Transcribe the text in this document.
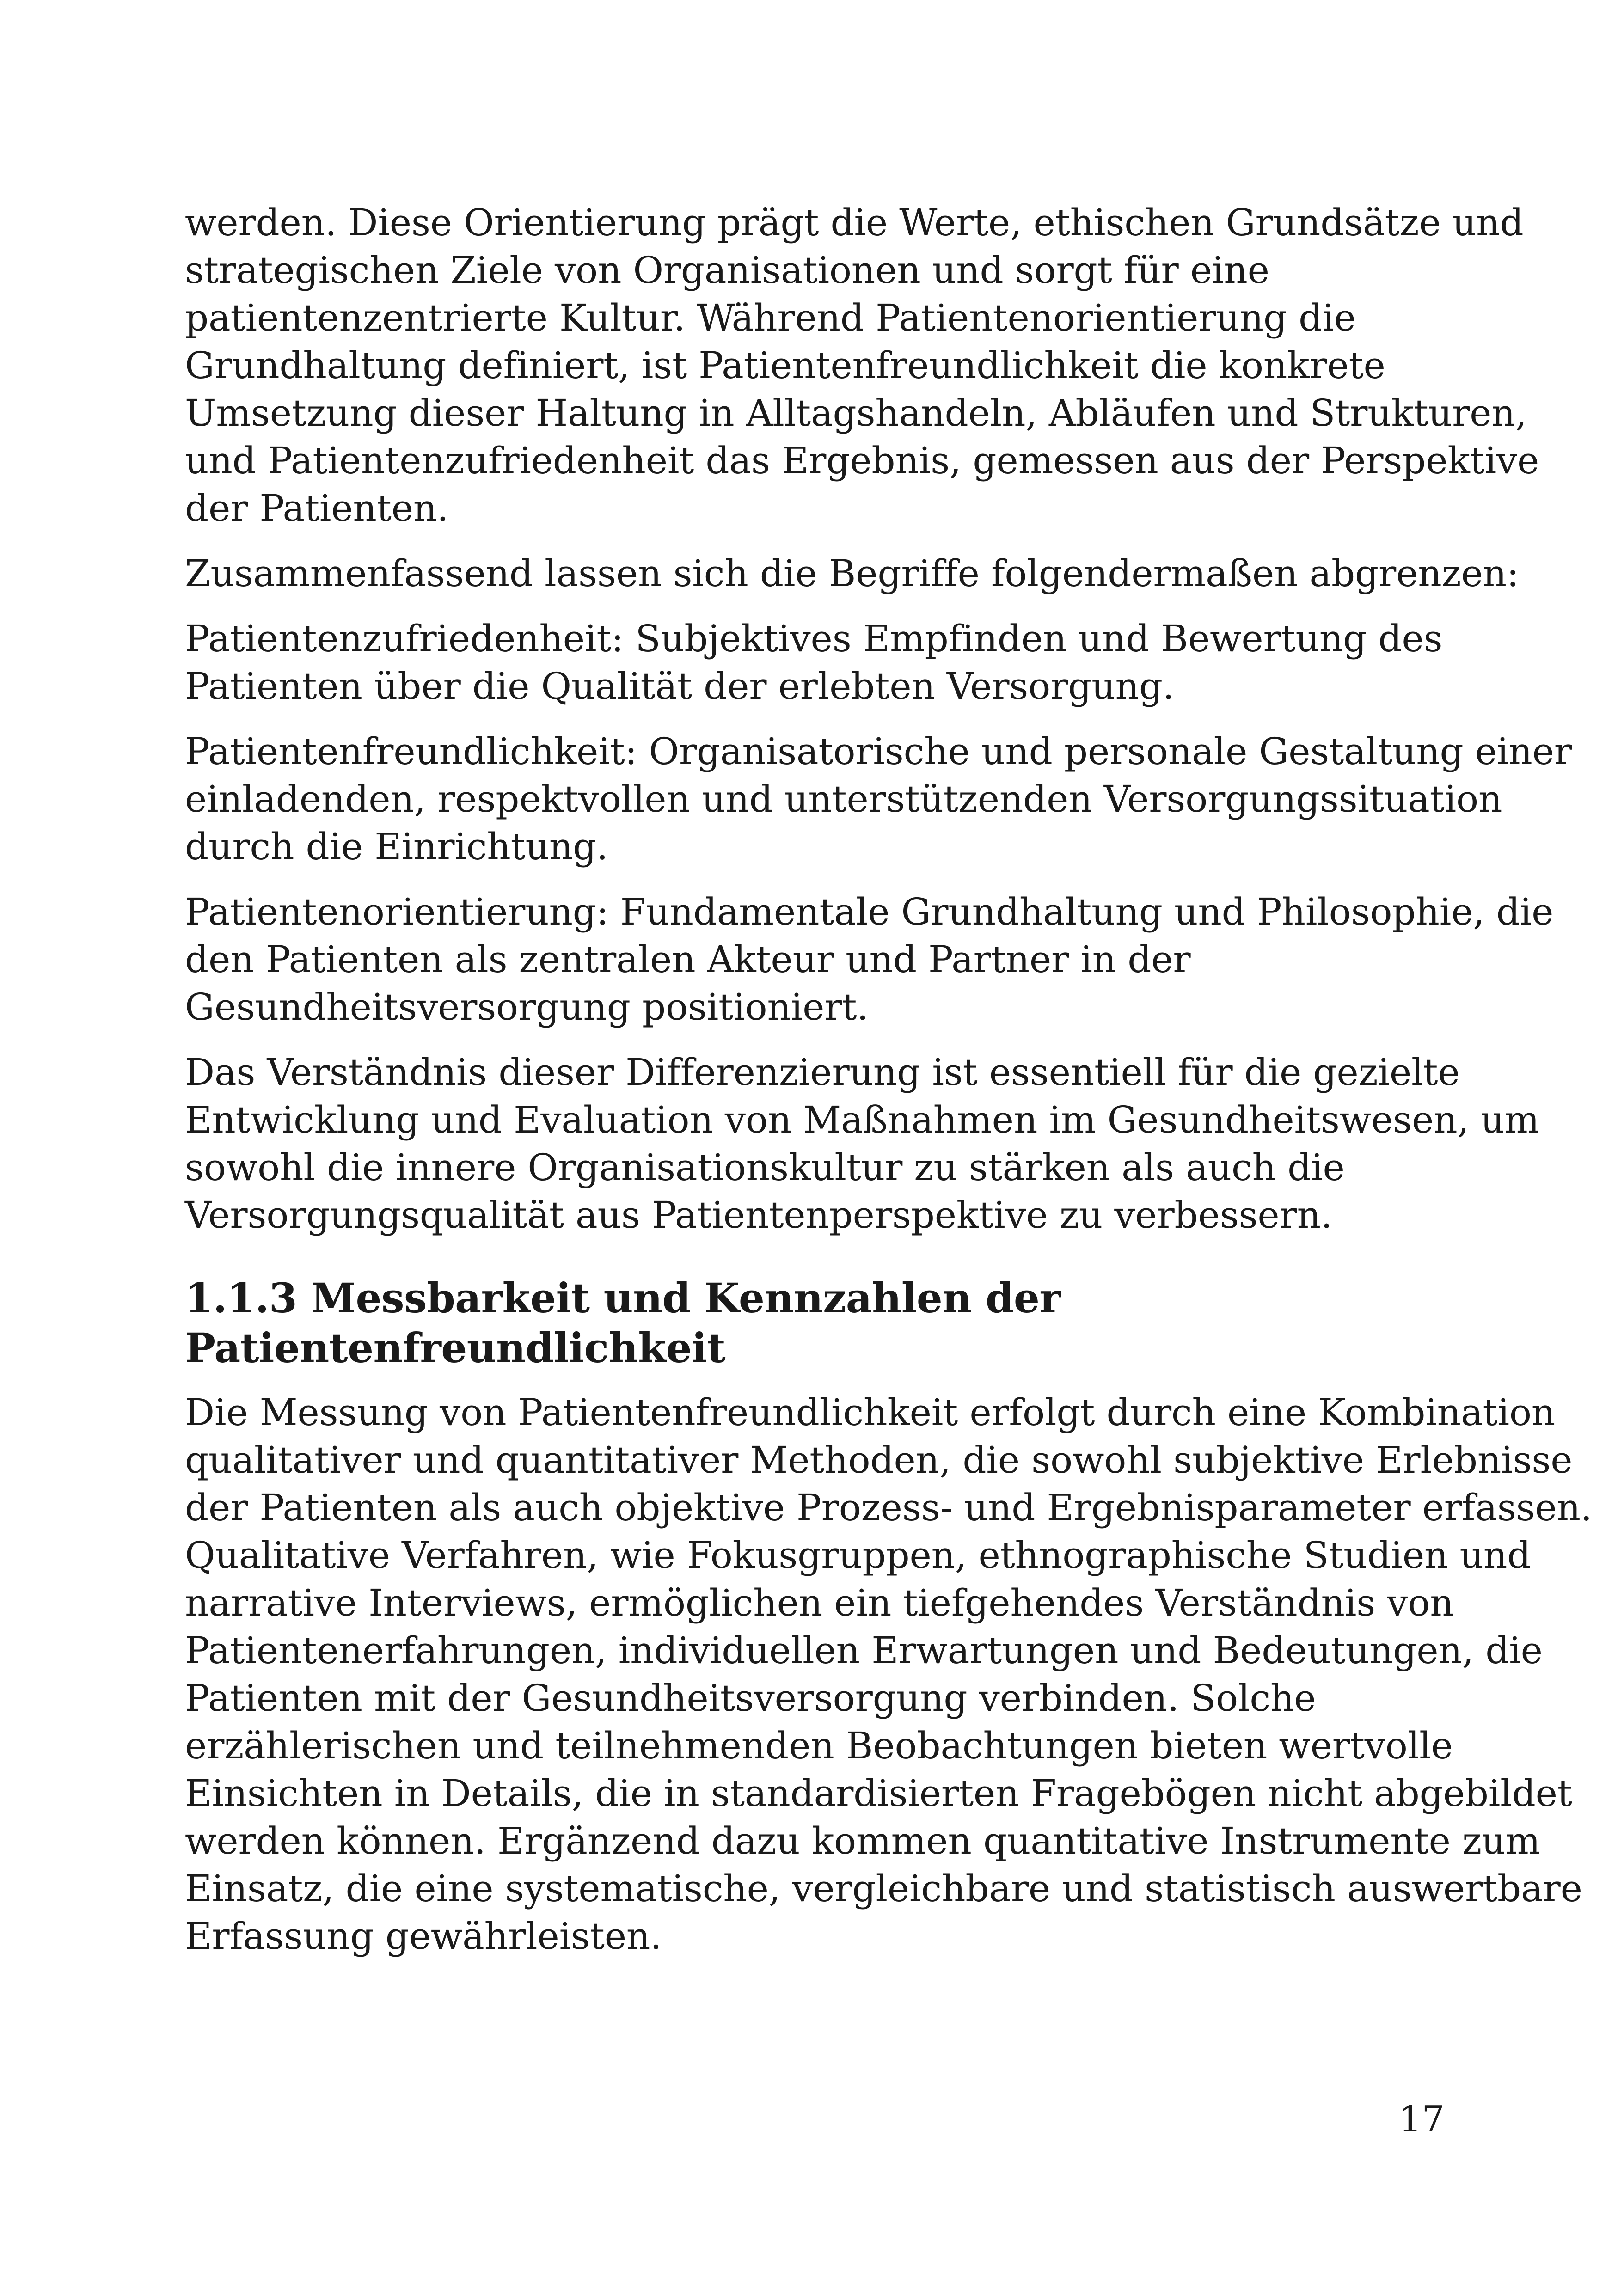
werden. Diese Orientierung prägt die Werte, ethischen Grundsätze und
strategischen Ziele von Organisationen und sorgt für eine
patientenzentrierte Kultur. Während Patientenorientierung die
Grundhaltung definiert, ist Patientenfreundlichkeit die konkrete
Umsetzung dieser Haltung in Alltagshandeln, Abläufen und Strukturen,
und Patientenzufriedenheit das Ergebnis, gemessen aus der Perspektive
der Patienten.

Zusammenfassend lassen sich die Begriffe folgendermaßen abgrenzen:

Patientenzufriedenheit: Subjektives Empfinden und Bewertung des
Patienten über die Qualität der erlebten Versorgung.

Patientenfreundlichkeit: Organisatorische und personale Gestaltung einer
einladenden, respektvollen und unterstützenden Versorgungssituation
durch die Einrichtung.

Patientenorientierung: Fundamentale Grundhaltung und Philosophie, die
den Patienten als zentralen Akteur und Partner in der
Gesundheitsversorgung positioniert.

Das Verständnis dieser Differenzierung ist essentiell für die gezielte
Entwicklung und Evaluation von Maßnahmen im Gesundheitswesen, um
sowohl die innere Organisationskultur zu stärken als auch die
Versorgungsqualität aus Patientenperspektive zu verbessern.

1.1.3 Messbarkeit und Kennzahlen der
Patientenfreundlichkeit

Die Messung von Patientenfreundlichkeit erfolgt durch eine Kombination
qualitativer und quantitativer Methoden, die sowohl subjektive Erlebnisse
der Patienten als auch objektive Prozess- und Ergebnisparameter erfassen.
Qualitative Verfahren, wie Fokusgruppen, ethnographische Studien und
narrative Interviews, ermöglichen ein tiefgehendes Verständnis von
Patientenerfahrungen, individuellen Erwartungen und Bedeutungen, die
Patienten mit der Gesundheitsversorgung verbinden. Solche
erzählerischen und teilnehmenden Beobachtungen bieten wertvolle
Einsichten in Details, die in standardisierten Fragebögen nicht abgebildet
werden können. Ergänzend dazu kommen quantitative Instrumente zum
Einsatz, die eine systematische, vergleichbare und statistisch auswertbare
Erfassung gewährleisten.

17
